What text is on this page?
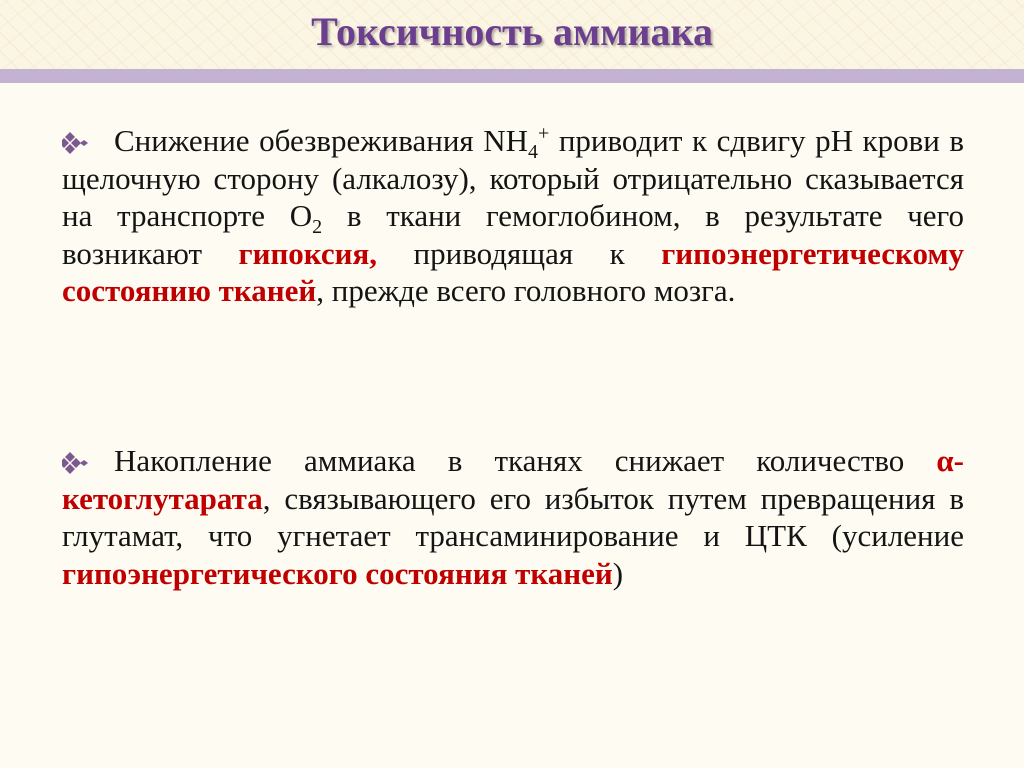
Токсичность аммиака
Снижение обезвреживания $NH_4^+$ приводит к сдвигу рН крови в щелочную сторону (алкалозу), который отрицательно сказывается на транспорте $O_2$ в ткани гемоглобином, в результате чего возникают гипоксия, приводящая к гипоэнергетическому состоянию тканей, прежде всего головного мозга.
Накопление аммиака в тканях снижает количество α-кетоглутарата, связывающего его избыток путем превращения в глутамат, что угнетает трансаминирование и ЦТК (усиление гипоэнергетического состояния тканей)
